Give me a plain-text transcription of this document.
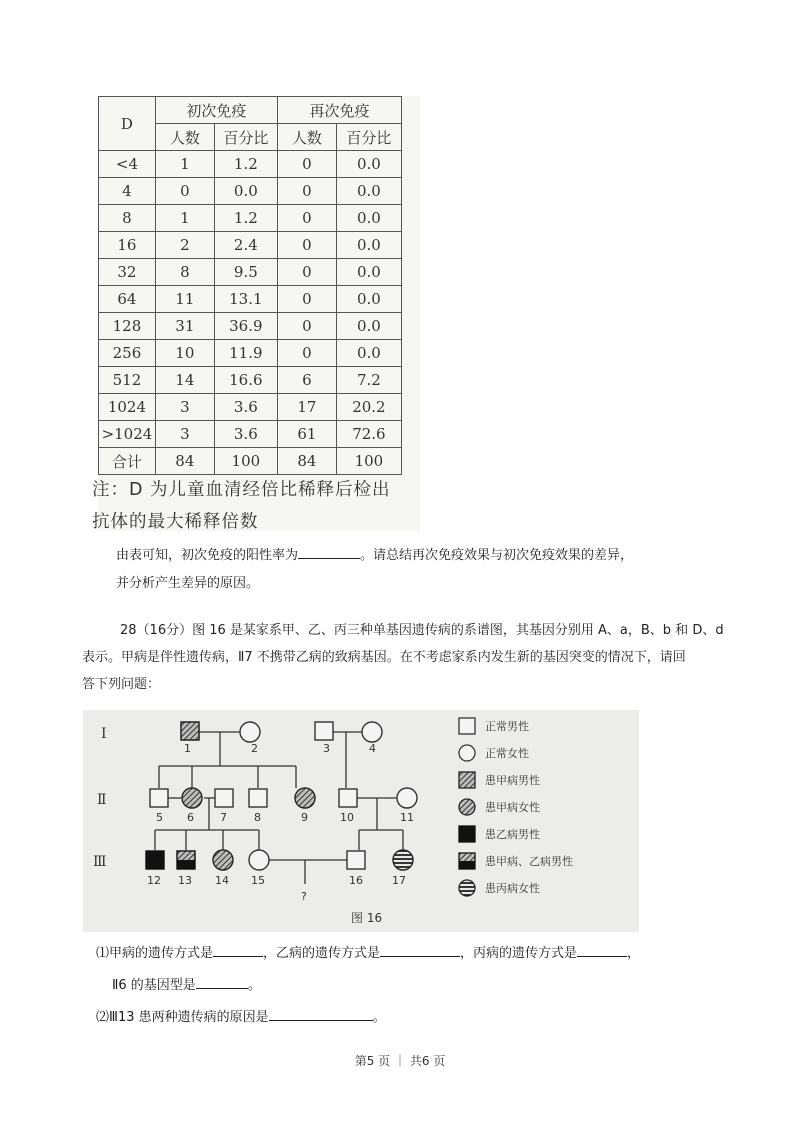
D	初次免疫		再次免疫	
	人数	百分比	人数	百分比
<4	1	1.2	0	0.0
4	0	0.0	0	0.0
8	1	1.2	0	0.0
16	2	2.4	0	0.0
32	8	9.5	0	0.0
64	11	13.1	0	0.0
128	31	36.9	0	0.0
256	10	11.9	0	0.0
512	14	16.6	6	7.2
1024	3	3.6	17	20.2
>1024	3	3.6	61	72.6
合计	84	100	84	100
注：D 为儿童血清经倍比稀释后检出
抗体的最大稀释倍数
由表可知，初次免疫的阳性率为	。请总结再次免疫效果与初次免疫效果的差异，
并分析产生差异的原因。
28（16分）图 16 是某家系甲、乙、丙三种单基因遗传病的系谱图，其基因分别用 A、a，B、b 和 D、d
表示。甲病是伴性遗传病，Ⅱ7 不携带乙病的致病基因。在不考虑家系内发生新的基因突变的情况下，请回
答下列问题：
Ⅰ
Ⅱ
Ⅲ
1	2	3	4
5 6 7 8	9	10	11
12 13 14 15	16	17
?
正常男性
正常女性
患甲病男性
患甲病女性
患乙病男性
患甲病、乙病男性
患丙病女性
图 16
⑴甲病的遗传方式是	，乙病的遗传方式是	，丙病的遗传方式是	，
Ⅱ6 的基因型是	。
⑵Ⅲ13 患两种遗传病的原因是	。
第5 页 ｜ 共6 页
